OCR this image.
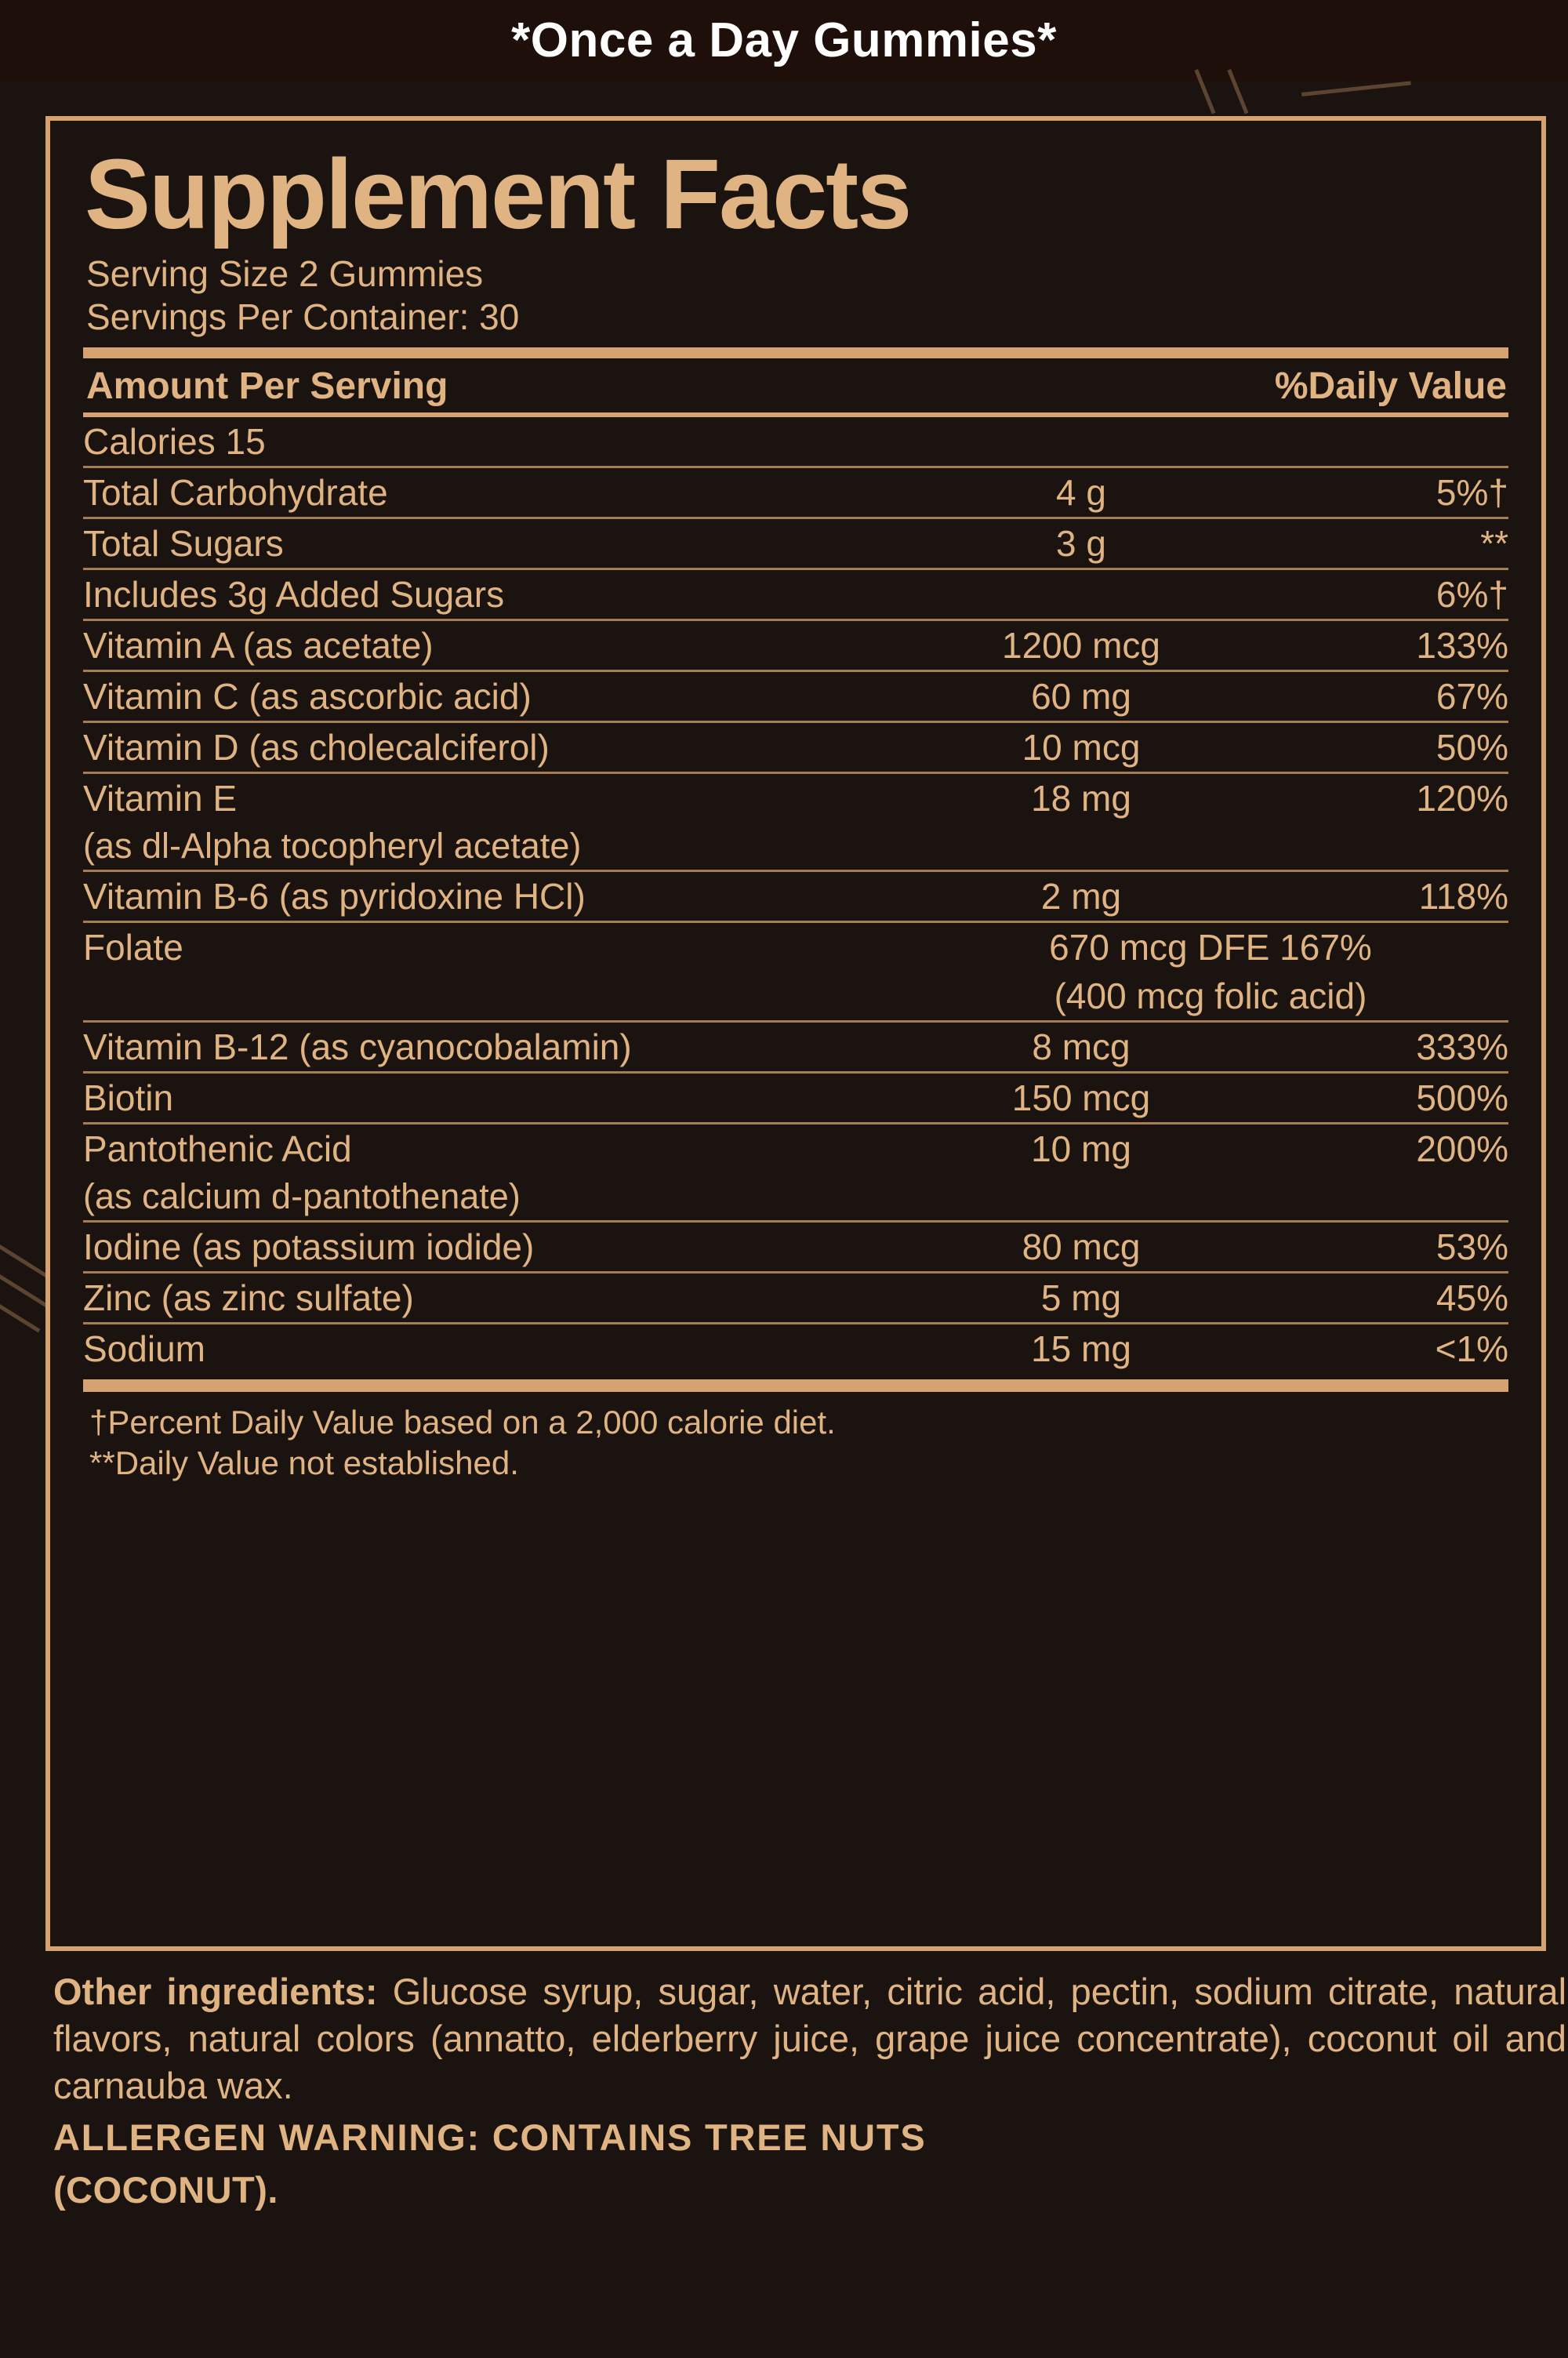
*Once a Day Gummies*
Supplement Facts
Serving Size 2 Gummies
Servings Per Container: 30
Amount Per Serving	%Daily Value
Calories 15		
Total Carbohydrate	4 g	5%†
Total Sugars	3 g	**
Includes 3g Added Sugars		6%†
Vitamin A (as acetate)	1200 mcg	133%
Vitamin C (as ascorbic acid)	60 mg	67%
Vitamin D (as cholecalciferol)	10 mcg	50%
Vitamin E	18 mg	120%
(as dl-Alpha tocopheryl acetate)		
Vitamin B-6 (as pyridoxine HCl)	2 mg	118%
Folate	670 mcg DFE 167%	
	(400 mcg folic acid)	
Vitamin B-12 (as cyanocobalamin)	8 mcg	333%
Biotin	150 mcg	500%
Pantothenic Acid	10 mg	200%
(as calcium d-pantothenate)		
Iodine (as potassium iodide)	80 mcg	53%
Zinc (as zinc sulfate)	5 mg	45%
Sodium	15 mg	<1%
†Percent Daily Value based on a 2,000 calorie diet.
**Daily Value not established.
Other ingredients: Glucose syrup, sugar, water, citric acid, pectin, sodium citrate, natural flavors, natural colors (annatto, elderberry juice, grape juice concentrate), coconut oil and carnauba wax.
ALLERGEN WARNING: CONTAINS TREE NUTS
(COCONUT).
